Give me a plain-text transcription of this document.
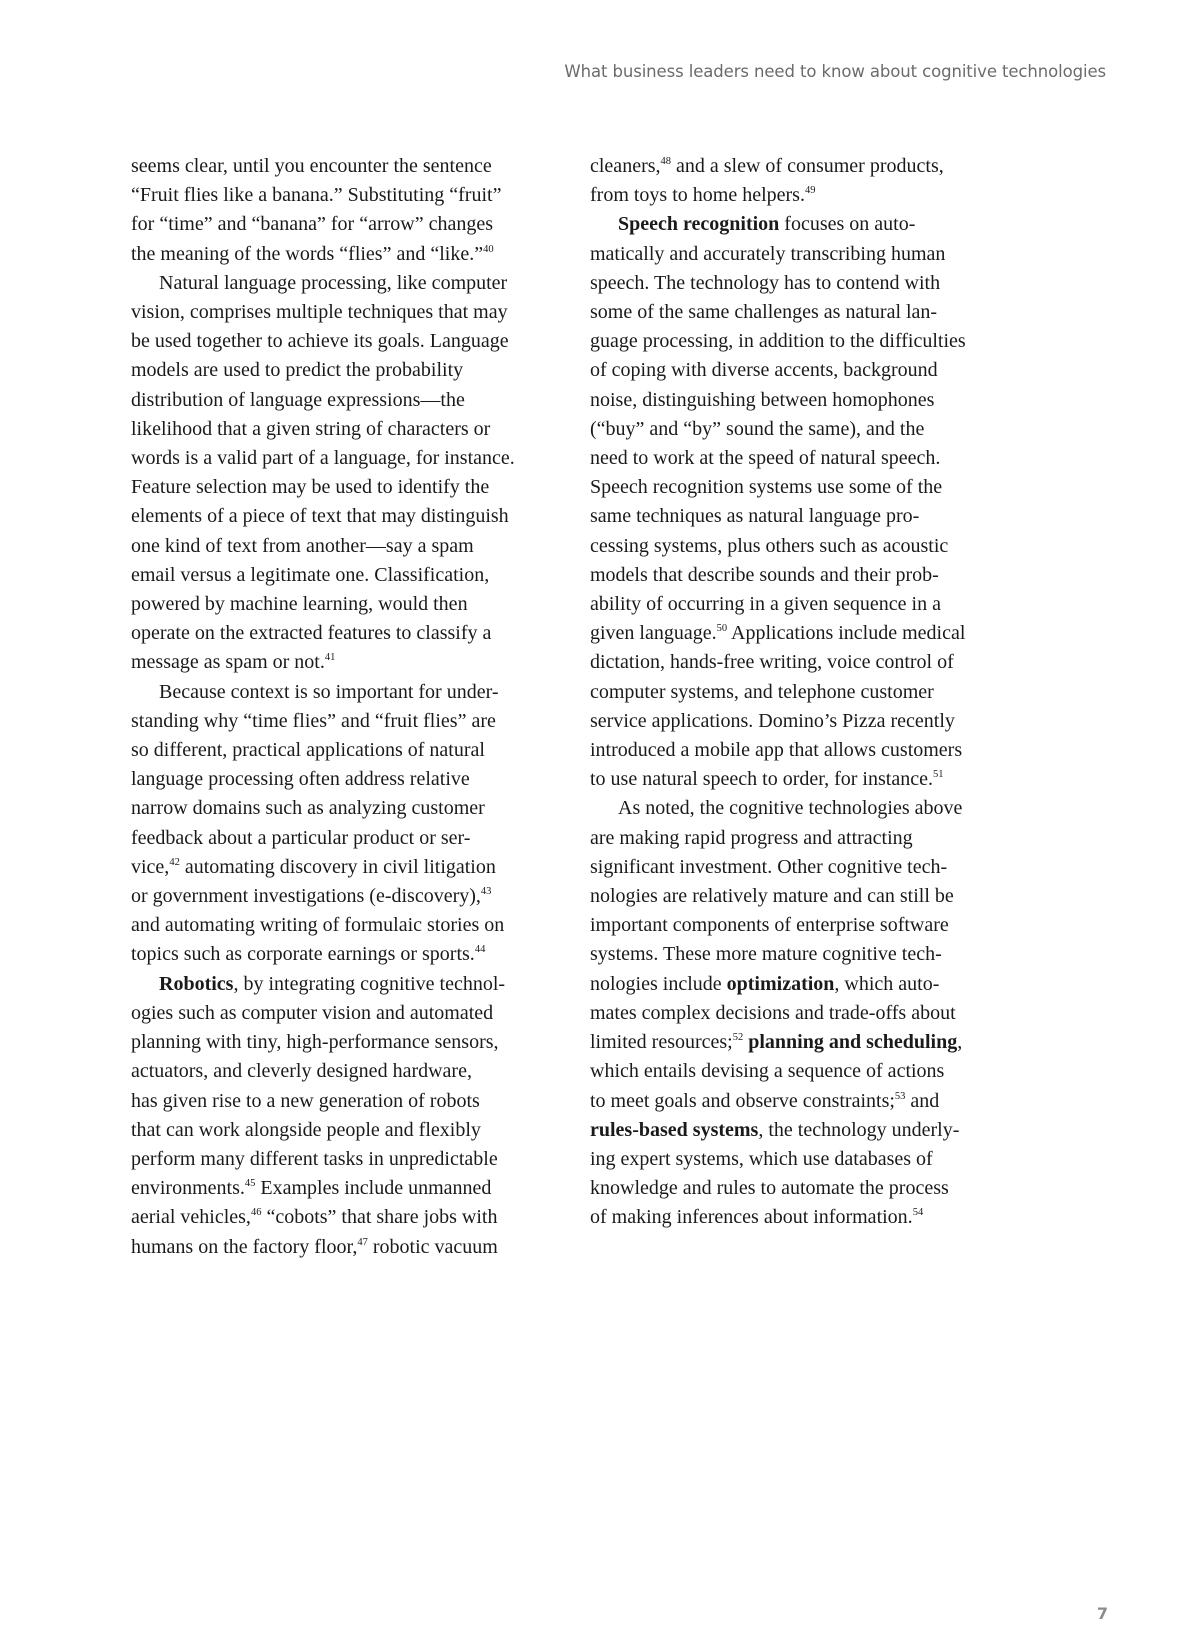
What business leaders need to know about cognitive technologies

seems clear, until you encounter the sentence
“Fruit flies like a banana.” Substituting “fruit”
for “time” and “banana” for “arrow” changes
the meaning of the words “flies” and “like.”$^{40}$

Natural language processing, like computer
vision, comprises multiple techniques that may
be used together to achieve its goals. Language
models are used to predict the probability
distribution of language expressions—the
likelihood that a given string of characters or
words is a valid part of a language, for instance.
Feature selection may be used to identify the
elements of a piece of text that may distinguish
one kind of text from another—say a spam
email versus a legitimate one. Classification,
powered by machine learning, would then
operate on the extracted features to classify a
message as spam or not.$^{41}$

Because context is so important for under-
standing why “time flies” and “fruit flies” are
so different, practical applications of natural
language processing often address relative
narrow domains such as analyzing customer
feedback about a particular product or ser-
vice,$^{42}$ automating discovery in civil litigation
or government investigations (e-discovery),$^{43}$
and automating writing of formulaic stories on
topics such as corporate earnings or sports.$^{44}$

Robotics, by integrating cognitive technol-
ogies such as computer vision and automated
planning with tiny, high-performance sensors,
actuators, and cleverly designed hardware,
has given rise to a new generation of robots
that can work alongside people and flexibly
perform many different tasks in unpredictable
environments.$^{45}$ Examples include unmanned
aerial vehicles,$^{46}$ “cobots” that share jobs with
humans on the factory floor,$^{47}$ robotic vacuum

cleaners,$^{48}$ and a slew of consumer products,
from toys to home helpers.$^{49}$

Speech recognition focuses on auto-
matically and accurately transcribing human
speech. The technology has to contend with
some of the same challenges as natural lan-
guage processing, in addition to the difficulties
of coping with diverse accents, background
noise, distinguishing between homophones
(“buy” and “by” sound the same), and the
need to work at the speed of natural speech.
Speech recognition systems use some of the
same techniques as natural language pro-
cessing systems, plus others such as acoustic
models that describe sounds and their prob-
ability of occurring in a given sequence in a
given language.$^{50}$ Applications include medical
dictation, hands-free writing, voice control of
computer systems, and telephone customer
service applications. Domino’s Pizza recently
introduced a mobile app that allows customers
to use natural speech to order, for instance.$^{51}$

As noted, the cognitive technologies above
are making rapid progress and attracting
significant investment. Other cognitive tech-
nologies are relatively mature and can still be
important components of enterprise software
systems. These more mature cognitive tech-
nologies include optimization, which auto-
mates complex decisions and trade-offs about
limited resources;$^{52}$ planning and scheduling,
which entails devising a sequence of actions
to meet goals and observe constraints;$^{53}$ and
rules-based systems, the technology underly-
ing expert systems, which use databases of
knowledge and rules to automate the process
of making inferences about information.$^{54}$

7
